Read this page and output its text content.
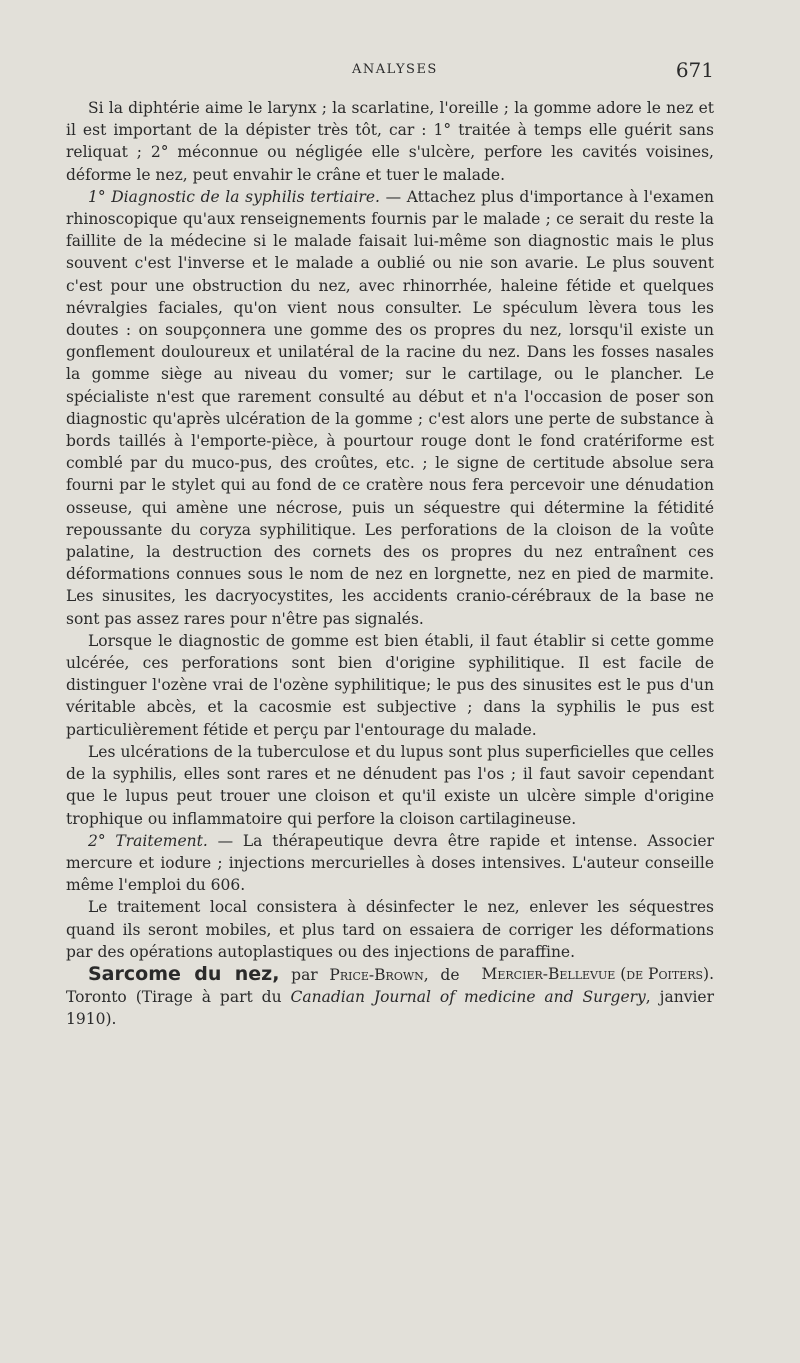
ANALYSES	671

Si la diphtérie aime le larynx ; la scarlatine, l'oreille ; la gomme adore le nez et il est important de la dépister très tôt, car : 1° traitée à temps elle guérit sans reliquat ; 2° méconnue ou négligée elle s'ulcère, perfore les cavités voisines, déforme le nez, peut envahir le crâne et tuer le malade.

1° Diagnostic de la syphilis tertiaire. — Attachez plus d'importance à l'examen rhinoscopique qu'aux renseignements fournis par le malade ; ce serait du reste la faillite de la médecine si le malade faisait lui-même son diagnostic mais le plus souvent c'est l'inverse et le malade a oublié ou nie son avarie. Le plus souvent c'est pour une obstruction du nez, avec rhinorrhée, haleine fétide et quelques névralgies faciales, qu'on vient nous consulter. Le spéculum lèvera tous les doutes : on soupçonnera une gomme des os propres du nez, lorsqu'il existe un gonflement douloureux et unilatéral de la racine du nez. Dans les fosses nasales la gomme siège au niveau du vomer; sur le cartilage, ou le plancher. Le spécialiste n'est que rarement consulté au début et n'a l'occasion de poser son diagnostic qu'après ulcération de la gomme ; c'est alors une perte de substance à bords taillés à l'emporte-pièce, à pourtour rouge dont le fond cratériforme est comblé par du muco-pus, des croûtes, etc. ; le signe de certitude absolue sera fourni par le stylet qui au fond de ce cratère nous fera percevoir une dénudation osseuse, qui amène une nécrose, puis un séquestre qui détermine la fétidité repoussante du coryza syphilitique. Les perforations de la cloison de la voûte palatine, la destruction des cornets des os propres du nez entraînent ces déformations connues sous le nom de nez en lorgnette, nez en pied de marmite. Les sinusites, les dacryocystites, les accidents cranio-cérébraux de la base ne sont pas assez rares pour n'être pas signalés.

Lorsque le diagnostic de gomme est bien établi, il faut établir si cette gomme ulcérée, ces perforations sont bien d'origine syphilitique. Il est facile de distinguer l'ozène vrai de l'ozène syphilitique; le pus des sinusites est le pus d'un véritable abcès, et la cacosmie est subjective ; dans la syphilis le pus est particulièrement fétide et perçu par l'entourage du malade.

Les ulcérations de la tuberculose et du lupus sont plus superficielles que celles de la syphilis, elles sont rares et ne dénudent pas l'os ; il faut savoir cependant que le lupus peut trouer une cloison et qu'il existe un ulcère simple d'origine trophique ou inflammatoire qui perfore la cloison cartilagineuse.

2° Traitement. — La thérapeutique devra être rapide et intense. Associer mercure et iodure ; injections mercurielles à doses intensives. L'auteur conseille même l'emploi du 606.

Le traitement local consistera à désinfecter le nez, enlever les séquestres quand ils seront mobiles, et plus tard on essaiera de corriger les déformations par des opérations autoplastiques ou des injections de paraffine.
Mercier-Bellevue (de Poiters).

Sarcome du nez, par Price-Brown, de Toronto (Tirage à part du Canadian Journal of medicine and Surgery, janvier 1910).
